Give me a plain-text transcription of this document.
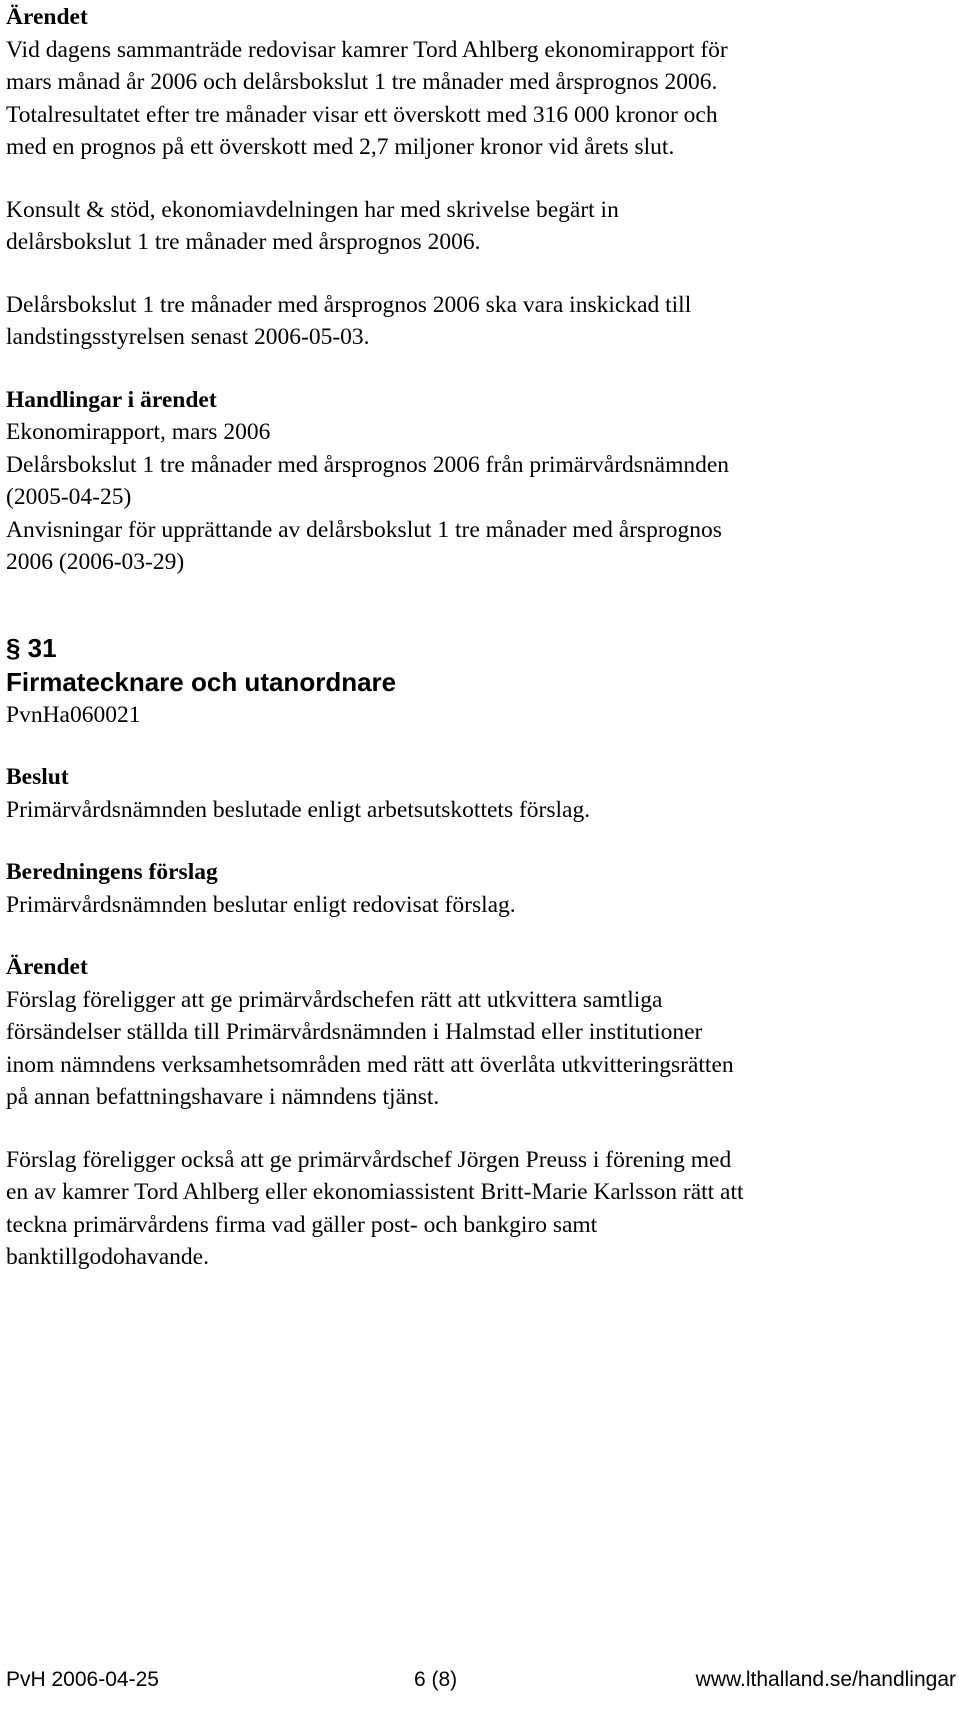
Ärendet
Vid dagens sammanträde redovisar kamrer Tord Ahlberg ekonomirapport för
mars månad år 2006 och delårsbokslut 1 tre månader med årsprognos 2006.
Totalresultatet efter tre månader visar ett överskott med 316 000 kronor och
med en prognos på ett överskott med 2,7 miljoner kronor vid årets slut.
Konsult & stöd, ekonomiavdelningen har med skrivelse begärt in
delårsbokslut 1 tre månader med årsprognos 2006.
Delårsbokslut 1 tre månader med årsprognos 2006 ska vara inskickad till
landstingsstyrelsen senast 2006-05-03.
Handlingar i ärendet
Ekonomirapport, mars 2006
Delårsbokslut 1 tre månader med årsprognos 2006 från primärvårdsnämnden
(2005-04-25)
Anvisningar för upprättande av delårsbokslut 1 tre månader med årsprognos
2006 (2006-03-29)
§ 31
Firmatecknare och utanordnare
PvnHa060021
Beslut
Primärvårdsnämnden beslutade enligt arbetsutskottets förslag.
Beredningens förslag
Primärvårdsnämnden beslutar enligt redovisat förslag.
Ärendet
Förslag föreligger att ge primärvårdschefen rätt att utkvittera samtliga
försändelser ställda till Primärvårdsnämnden i Halmstad eller institutioner
inom nämndens verksamhetsområden med rätt att överlåta utkvitteringsrätten
på annan befattningshavare i nämndens tjänst.
Förslag föreligger också att ge primärvårdschef Jörgen Preuss i förening med
en av kamrer Tord Ahlberg eller ekonomiassistent Britt-Marie Karlsson rätt att
teckna primärvårdens firma vad gäller post- och bankgiro samt
banktillgodohavande.
PvH 2006-04-25	6 (8)	www.lthalland.se/handlingar
